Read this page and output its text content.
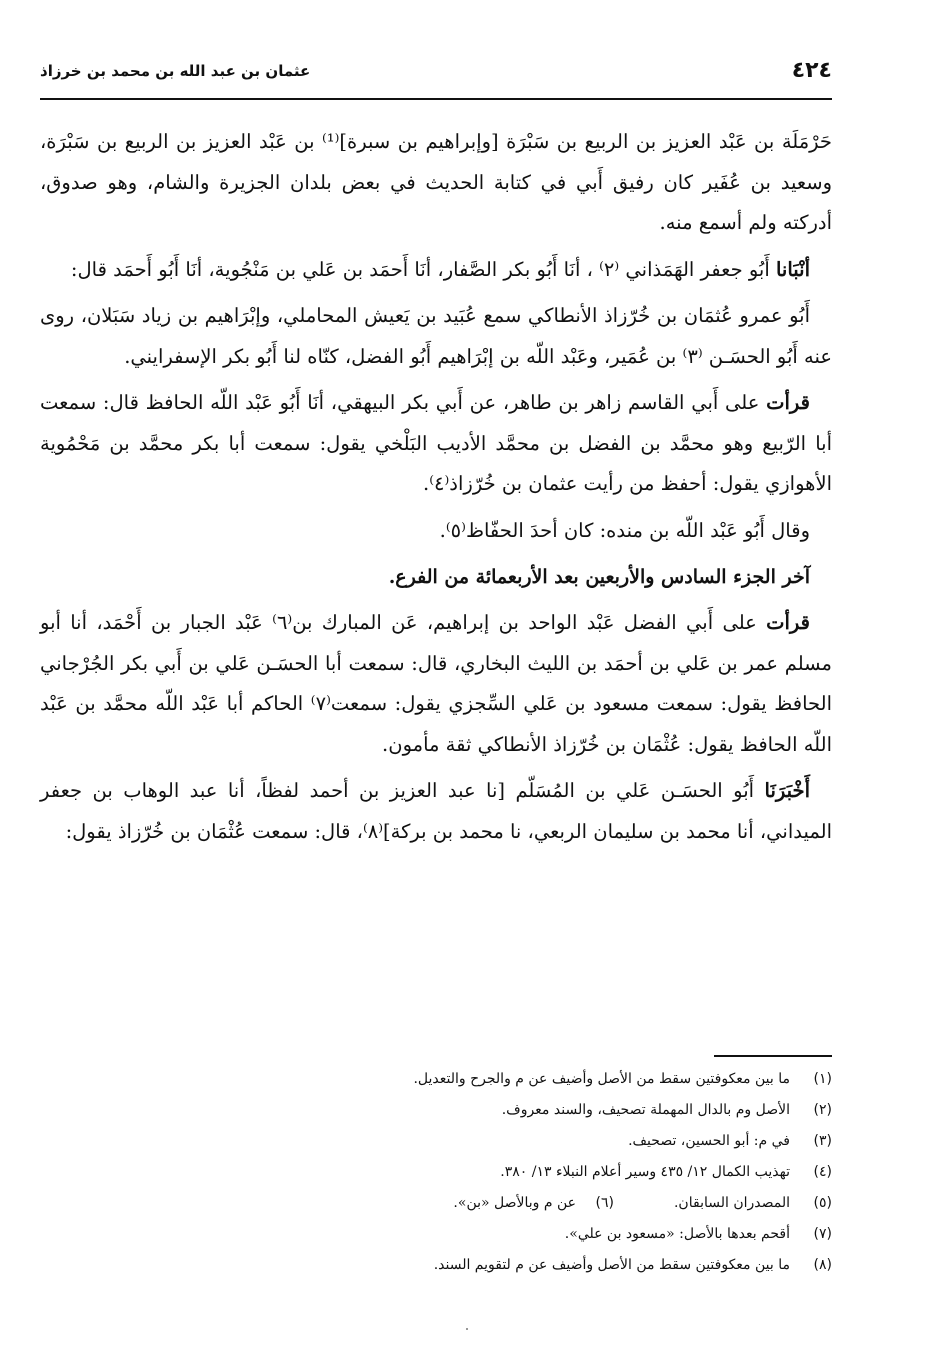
٤٢٤
عثمان بن عبد الله بن محمد بن خرزاذ

حَرْمَلَة بن عَبْد العزيز بن الربيع بن سَبْرَة [وإبراهيم بن سبرة]⁽¹⁾ بن عَبْد العزيز بن الربيع بن سَبْرَة، وسعيد بن عُفَير كان رفيق أَبي في كتابة الحديث في بعض بلدان الجزيرة والشام، وهو صدوق، أدركته ولم أسمع منه.

أنْبَانا أَبُو جعفر الهَمَذاني ⁽٢⁾ ، أنَا أَبُو بكر الصَّفار، أنَا أَحمَد بن عَلي بن مَنْجُوية، أنَا أَبُو أَحمَد قال:

أَبُو عمرو عُثمَان بن خُرّزاذ الأنطاكي سمع عُبَيد بن يَعيش المحاملي، وإبْرَاهيم بن زياد سَبَلان، روى عنه أَبُو الحسَـن ⁽٣⁾ بن عُمَير، وعَبْد اللّه بن إبْرَاهيم أَبُو الفضل، كنّاه لنا أَبُو بكر الإسفرايني.

قرأت على أَبي القاسم زاهر بن طاهر، عن أَبي بكر البيهقي، أنَا أَبُو عَبْد اللّه الحافظ قال: سمعت أبا الرّبيع وهو محمَّد بن الفضل بن محمَّد الأديب البَلْخي يقول: سمعت أبا بكر محمَّد بن مَحْمُوية الأهوازي يقول: أحفظ من رأيت عثمان بن خُرّزاذ⁽٤⁾.

وقال أَبُو عَبْد اللّه بن منده: كان أحدَ الحفّاظ⁽٥⁾.

آخر الجزء السادس والأربعين بعد الأربعمائة من الفرع.

قرأت على أَبي الفضل عَبْد الواحد بن إبراهيم، عَن المبارك بن⁽٦⁾ عَبْد الجبار بن أَحْمَد، أنا أبو مسلم عمر بن عَلي بن أحمَد بن الليث البخاري، قال: سمعت أبا الحسَـن عَلي بن أَبي بكر الجُرْجاني الحافظ يقول: سمعت مسعود بن عَلي السِّجزي يقول: سمعت⁽٧⁾ الحاكم أبا عَبْد اللّه محمَّد بن عَبْد اللّه الحافظ يقول: عُثْمَان بن خُرّزاذ الأنطاكي ثقة مأمون.

أَخْبَرَنَا أَبُو الحسَـن عَلي بن المُسَلّم [نا عبد العزيز بن أحمد لفظاً، أنا عبد الوهاب بن جعفر الميداني، أنا محمد بن سليمان الربعي، نا محمد بن بركة]⁽٨⁾، قال: سمعت عُثْمَان بن خُرّزاذ يقول:

(١)
ما بين معكوفتين سقط من الأصل وأضيف عن م والجرح والتعديل.
(٢)
الأصل وم بالدال المهملة تصحيف، والسند معروف.
(٣)
في م: أبو الحسين، تصحيف.
(٤)
تهذيب الكمال ١٢/ ٤٣٥ وسير أعلام النبلاء ١٣/ ٣٨٠.
(٥)
المصدران السابقان.
(٦)
عن م وبالأصل «بن».
(٧)
أقحم بعدها بالأصل: «مسعود بن علي».
(٨)
ما بين معكوفتين سقط من الأصل وأضيف عن م لتقويم السند.
